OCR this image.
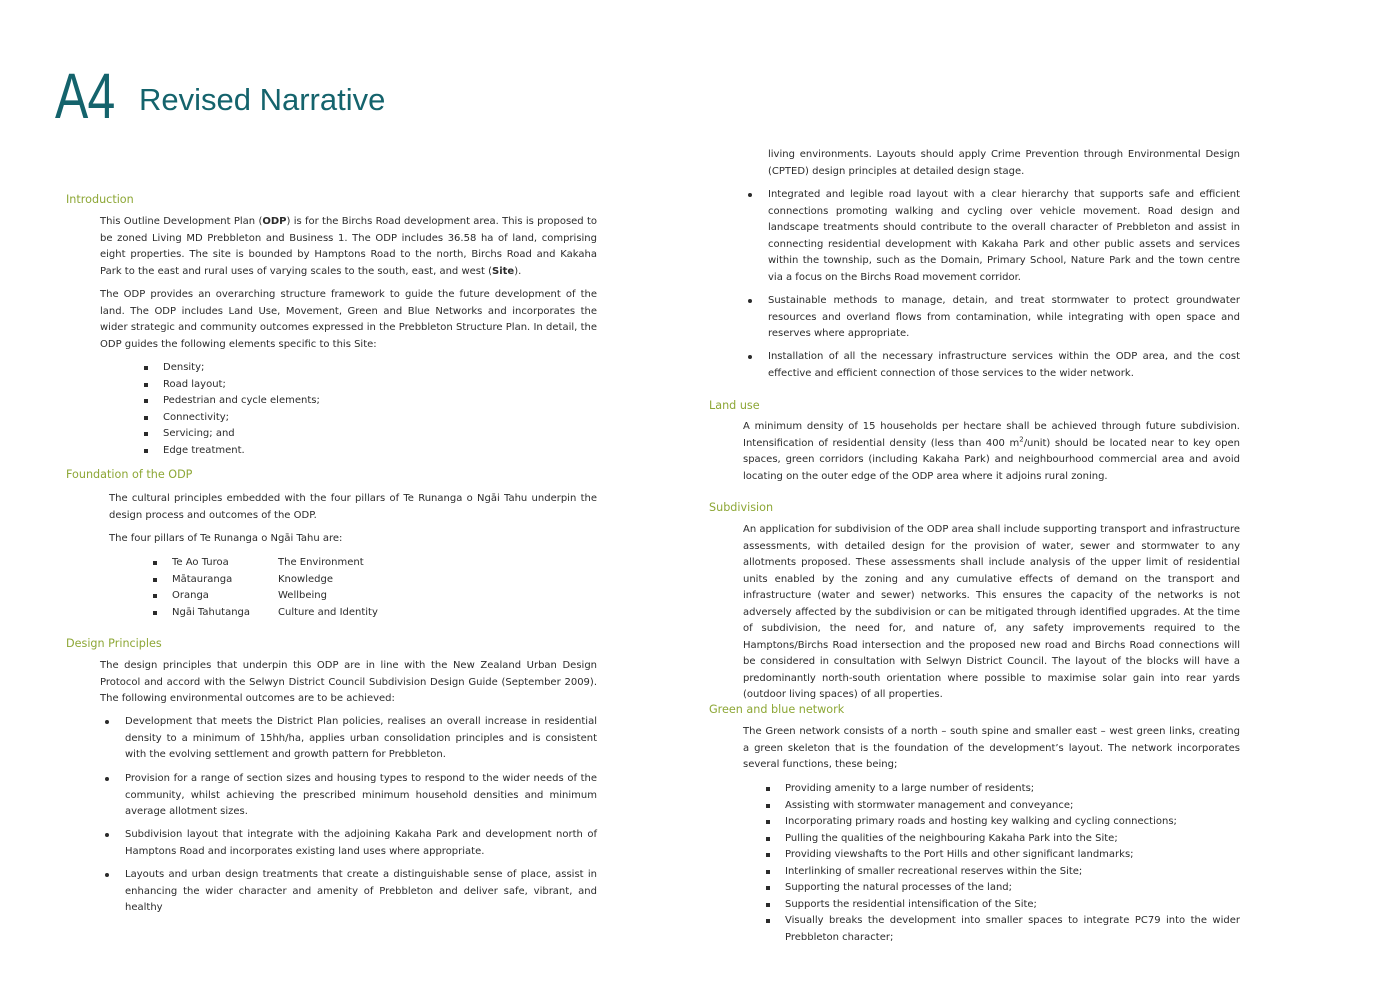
A4 Revised Narrative
Introduction

This Outline Development Plan (ODP) is for the Birchs Road development area. This is proposed to be zoned Living MD Prebbleton and Business 1. The ODP includes 36.58 ha of land, comprising eight properties. The site is bounded by Hamptons Road to the north, Birchs Road and Kakaha Park to the east and rural uses of varying scales to the south, east, and west (Site).

The ODP provides an overarching structure framework to guide the future development of the land. The ODP includes Land Use, Movement, Green and Blue Networks and incorporates the wider strategic and community outcomes expressed in the Prebbleton Structure Plan. In detail, the ODP guides the following elements specific to this Site:

Density;
Road layout;
Pedestrian and cycle elements;
Connectivity;
Servicing; and
Edge treatment.
Foundation of the ODP

The cultural principles embedded with the four pillars of Te Runanga o Ngāi Tahu underpin the design process and outcomes of the ODP.

The four pillars of Te Runanga o Ngāi Tahu are:

Te Ao Turoa	The Environment
Mātauranga	Knowledge
Oranga	Wellbeing
Ngāi Tahutanga	Culture and Identity
Design Principles

The design principles that underpin this ODP are in line with the New Zealand Urban Design Protocol and accord with the Selwyn District Council Subdivision Design Guide (September 2009). The following environmental outcomes are to be achieved:

Development that meets the District Plan policies, realises an overall increase in residential density to a minimum of 15hh/ha, applies urban consolidation principles and is consistent with the evolving settlement and growth pattern for Prebbleton.
Provision for a range of section sizes and housing types to respond to the wider needs of the community, whilst achieving the prescribed minimum household densities and minimum average allotment sizes.
Subdivision layout that integrate with the adjoining Kakaha Park and development north of Hamptons Road and incorporates existing land uses where appropriate.
Layouts and urban design treatments that create a distinguishable sense of place, assist in enhancing the wider character and amenity of Prebbleton and deliver safe, vibrant, and healthy

living environments. Layouts should apply Crime Prevention through Environmental Design (CPTED) design principles at detailed design stage.

Integrated and legible road layout with a clear hierarchy that supports safe and efficient connections promoting walking and cycling over vehicle movement. Road design and landscape treatments should contribute to the overall character of Prebbleton and assist in connecting residential development with Kakaha Park and other public assets and services within the township, such as the Domain, Primary School, Nature Park and the town centre via a focus on the Birchs Road movement corridor.
Sustainable methods to manage, detain, and treat stormwater to protect groundwater resources and overland flows from contamination, while integrating with open space and reserves where appropriate.
Installation of all the necessary infrastructure services within the ODP area, and the cost effective and efficient connection of those services to the wider network.
Land use

A minimum density of 15 households per hectare shall be achieved through future subdivision. Intensification of residential density (less than 400 $m^2/unit$) should be located near to key open spaces, green corridors (including Kakaha Park) and neighbourhood commercial area and avoid locating on the outer edge of the ODP area where it adjoins rural zoning.

Subdivision

An application for subdivision of the ODP area shall include supporting transport and infrastructure assessments, with detailed design for the provision of water, sewer and stormwater to any allotments proposed. These assessments shall include analysis of the upper limit of residential units enabled by the zoning and any cumulative effects of demand on the transport and infrastructure (water and sewer) networks. This ensures the capacity of the networks is not adversely affected by the subdivision or can be mitigated through identified upgrades. At the time of subdivision, the need for, and nature of, any safety improvements required to the Hamptons/Birchs Road intersection and the proposed new road and Birchs Road connections will be considered in consultation with Selwyn District Council. The layout of the blocks will have a predominantly north-south orientation where possible to maximise solar gain into rear yards (outdoor living spaces) of all properties.

Green and blue network

The Green network consists of a north – south spine and smaller east – west green links, creating a green skeleton that is the foundation of the development’s layout. The network incorporates several functions, these being;

Providing amenity to a large number of residents;
Assisting with stormwater management and conveyance;
Incorporating primary roads and hosting key walking and cycling connections;
Pulling the qualities of the neighbouring Kakaha Park into the Site;
Providing viewshafts to the Port Hills and other significant landmarks;
Interlinking of smaller recreational reserves within the Site;
Supporting the natural processes of the land;
Supports the residential intensification of the Site;
Visually breaks the development into smaller spaces to integrate PC79 into the wider Prebbleton character;
